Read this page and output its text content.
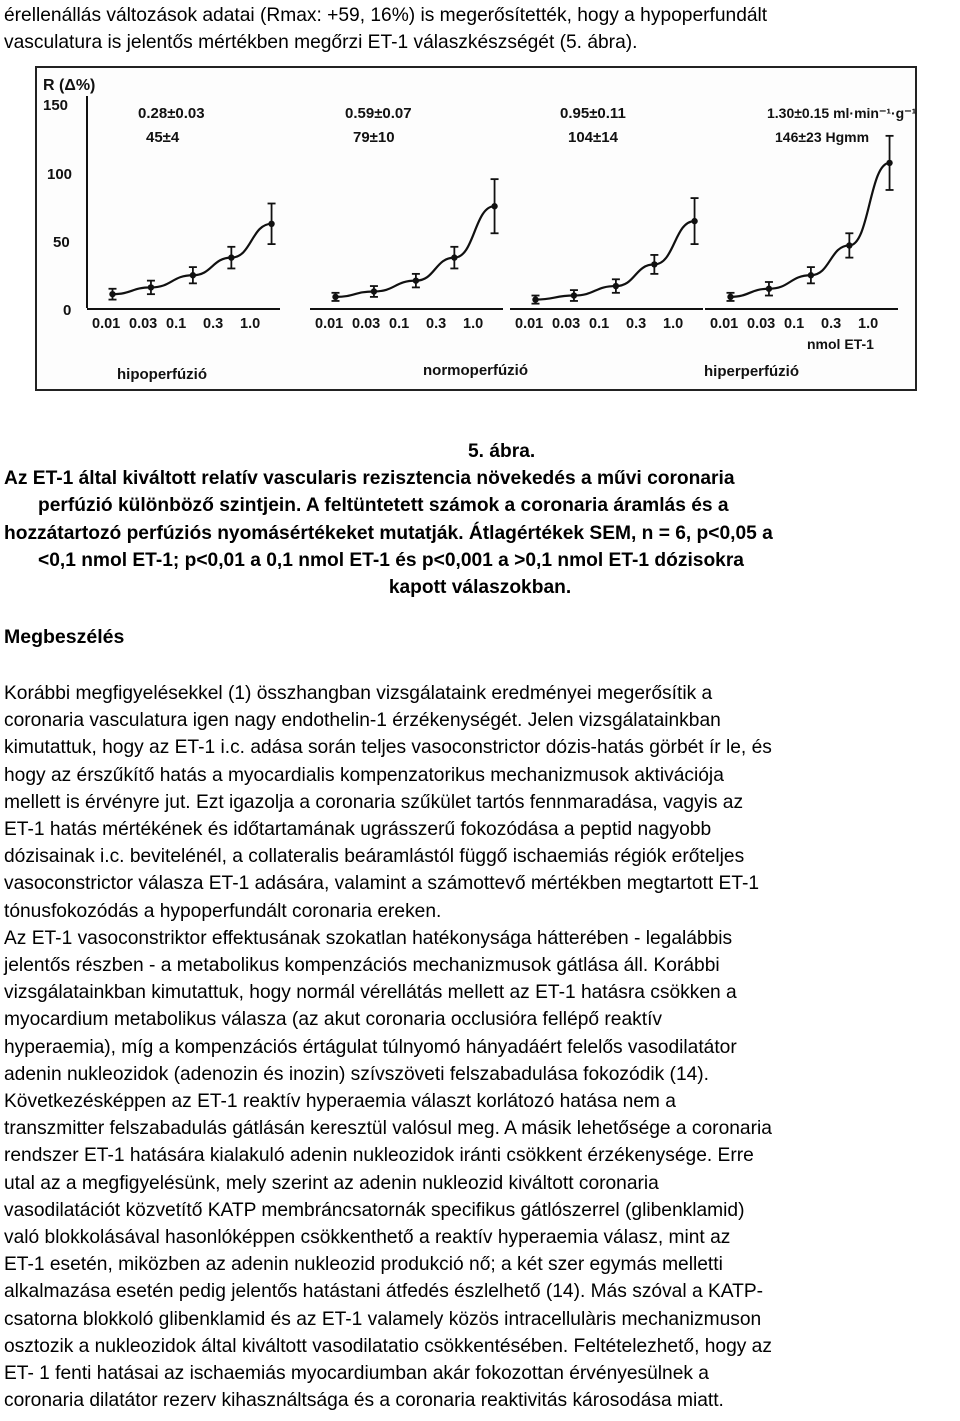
érellenállás változások adatai (Rmax: +59, 16%) is megerősítették, hogy a hypoperfundált
vasculatura is jelentős mértékben megőrzi ET-1 válaszkészségét (5. ábra).

R (Δ%)
150
100
50
0
0.01 0.03 0.1 0.3 1.0
0.28±0.03
45±4
0.01 0.03 0.1 0.3 1.0
0.59±0.07
79±10
0.01 0.03 0.1 0.3 1.0
0.95±0.11
104±14
0.01 0.03 0.1 0.3 1.0
1.30±0.15 ml·min⁻¹·g⁻¹
146±23 Hgmm
hipoperfúzió	normoperfúzió	hiperperfúzió
nmol ET-1

5. ábra.
Az ET-1 által kiváltott relatív vascularis rezisztencia növekedés a művi coronaria
perfúzió különböző szintjein. A feltüntetett számok a coronaria áramlás és a
hozzátartozó perfúziós nyomásértékeket mutatják. Átlagértékek SEM, n = 6, p<0,05 a
<0,1 nmol ET-1; p<0,01 a 0,1 nmol ET-1 és p<0,001 a >0,1 nmol ET-1 dózisokra
kapott válaszokban.

Megbeszélés

Korábbi megfigyelésekkel (1) összhangban vizsgálataink eredményei megerősítik a
coronaria vasculatura igen nagy endothelin-1 érzékenységét. Jelen vizsgálatainkban
kimutattuk, hogy az ET-1 i.c. adása során teljes vasoconstrictor dózis-hatás görbét ír le, és
hogy az érszűkítő hatás a myocardialis kompenzatorikus mechanizmusok aktivációja
mellett is érvényre jut. Ezt igazolja a coronaria szűkület tartós fennmaradása, vagyis az
ET-1 hatás mértékének és időtartamának ugrásszerű fokozódása a peptid nagyobb
dózisainak i.c. bevitelénél, a collateralis beáramlástól függő ischaemiás régiók erőteljes
vasoconstrictor válasza ET-1 adására, valamint a számottevő mértékben megtartott ET-1
tónusfokozódás a hypoperfundált coronaria ereken.
Az ET-1 vasoconstriktor effektusának szokatlan hatékonysága hátterében - legalábbis
jelentős részben - a metabolikus kompenzációs mechanizmusok gátlása áll. Korábbi
vizsgálatainkban kimutattuk, hogy normál vérellátás mellett az ET-1 hatásra csökken a
myocardium metabolikus válasza (az akut coronaria occlusióra fellépő reaktív
hyperaemia), míg a kompenzációs értágulat túlnyomó hányadáért felelős vasodilatátor
adenin nukleozidok (adenozin és inozin) szívszöveti felszabadulása fokozódik (14).
Következésképpen az ET-1 reaktív hyperaemia választ korlátozó hatása nem a
transzmitter felszabadulás gátlásán keresztül valósul meg. A másik lehetősége a coronaria
rendszer ET-1 hatására kialakuló adenin nukleozidok iránti csökkent érzékenysége. Erre
utal az a megfigyelésünk, mely szerint az adenin nukleozid kiváltott coronaria
vasodilatációt közvetítő KATP membráncsatornák specifikus gátlószerrel (glibenklamid)
való blokkolásával hasonlóképpen csökkenthető a reaktív hyperaemia válasz, mint az
ET-1 esetén, miközben az adenin nukleozid produkció nő; a két szer egymás melletti
alkalmazása esetén pedig jelentős hatástani átfedés észlelhető (14). Más szóval a KATP-
csatorna blokkoló glibenklamid és az ET-1 valamely közös intracellulàris mechanizmuson
osztozik a nukleozidok által kiváltott vasodilatatio csökkentésében. Feltételezhető, hogy az
ET- 1 fenti hatásai az ischaemiás myocardiumban akár fokozottan érvényesülnek a
coronaria dilatátor rezerv kihasználtsága és a coronaria reaktivitás károsodása miatt.
